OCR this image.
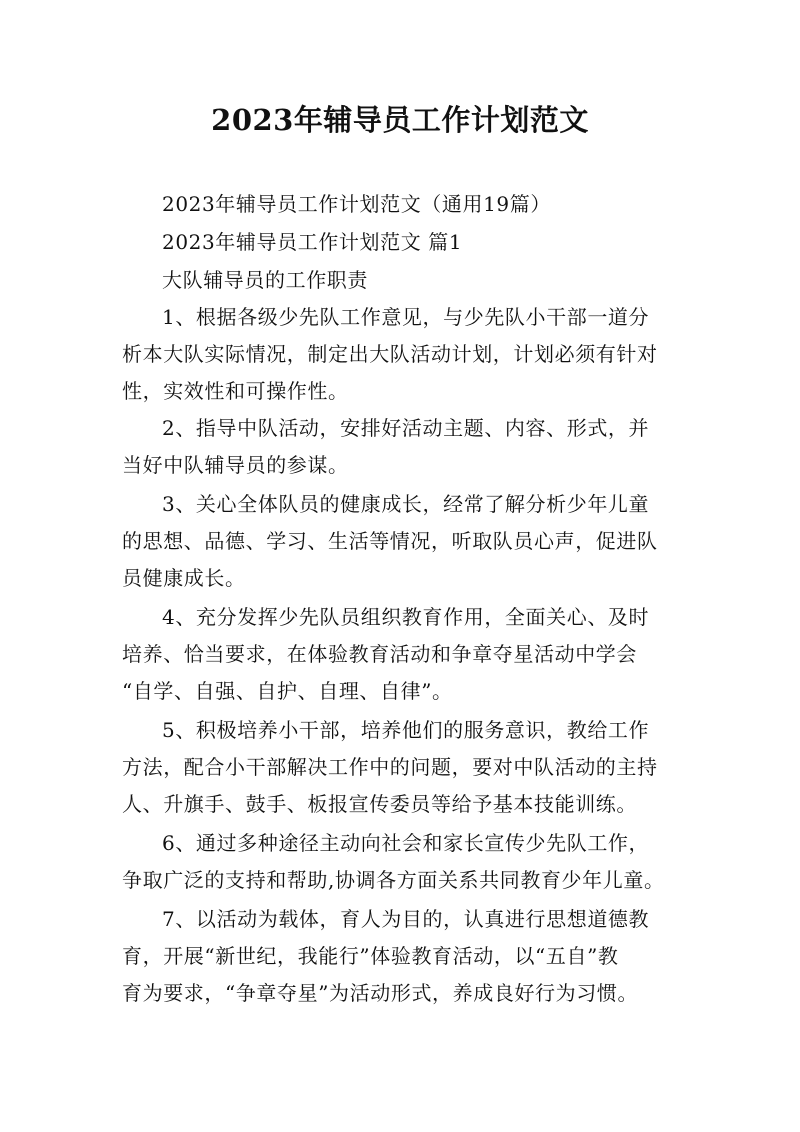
2023年辅导员工作计划范文
2023年辅导员工作计划范文（通用19篇）
2023年辅导员工作计划范文 篇1
大队辅导员的工作职责
1、根据各级少先队工作意见，与少先队小干部一道分
析本大队实际情况，制定出大队活动计划，计划必须有针对
性，实效性和可操作性。
2、指导中队活动，安排好活动主题、内容、形式，并
当好中队辅导员的参谋。
3、关心全体队员的健康成长，经常了解分析少年儿童
的思想、品德、学习、生活等情况，听取队员心声，促进队
员健康成长。
4、充分发挥少先队员组织教育作用，全面关心、及时
培养、恰当要求，在体验教育活动和争章夺星活动中学会
“自学、自强、自护、自理、自律”。
5、积极培养小干部，培养他们的服务意识，教给工作
方法，配合小干部解决工作中的问题，要对中队活动的主持
人、升旗手、鼓手、板报宣传委员等给予基本技能训练。
6、通过多种途径主动向社会和家长宣传少先队工作，
争取广泛的支持和帮助,协调各方面关系共同教育少年儿童。
7、以活动为载体，育人为目的，认真进行思想道德教
育，开展“新世纪，我能行”体验教育活动，以“五自”教
育为要求，“争章夺星”为活动形式，养成良好行为习惯。
